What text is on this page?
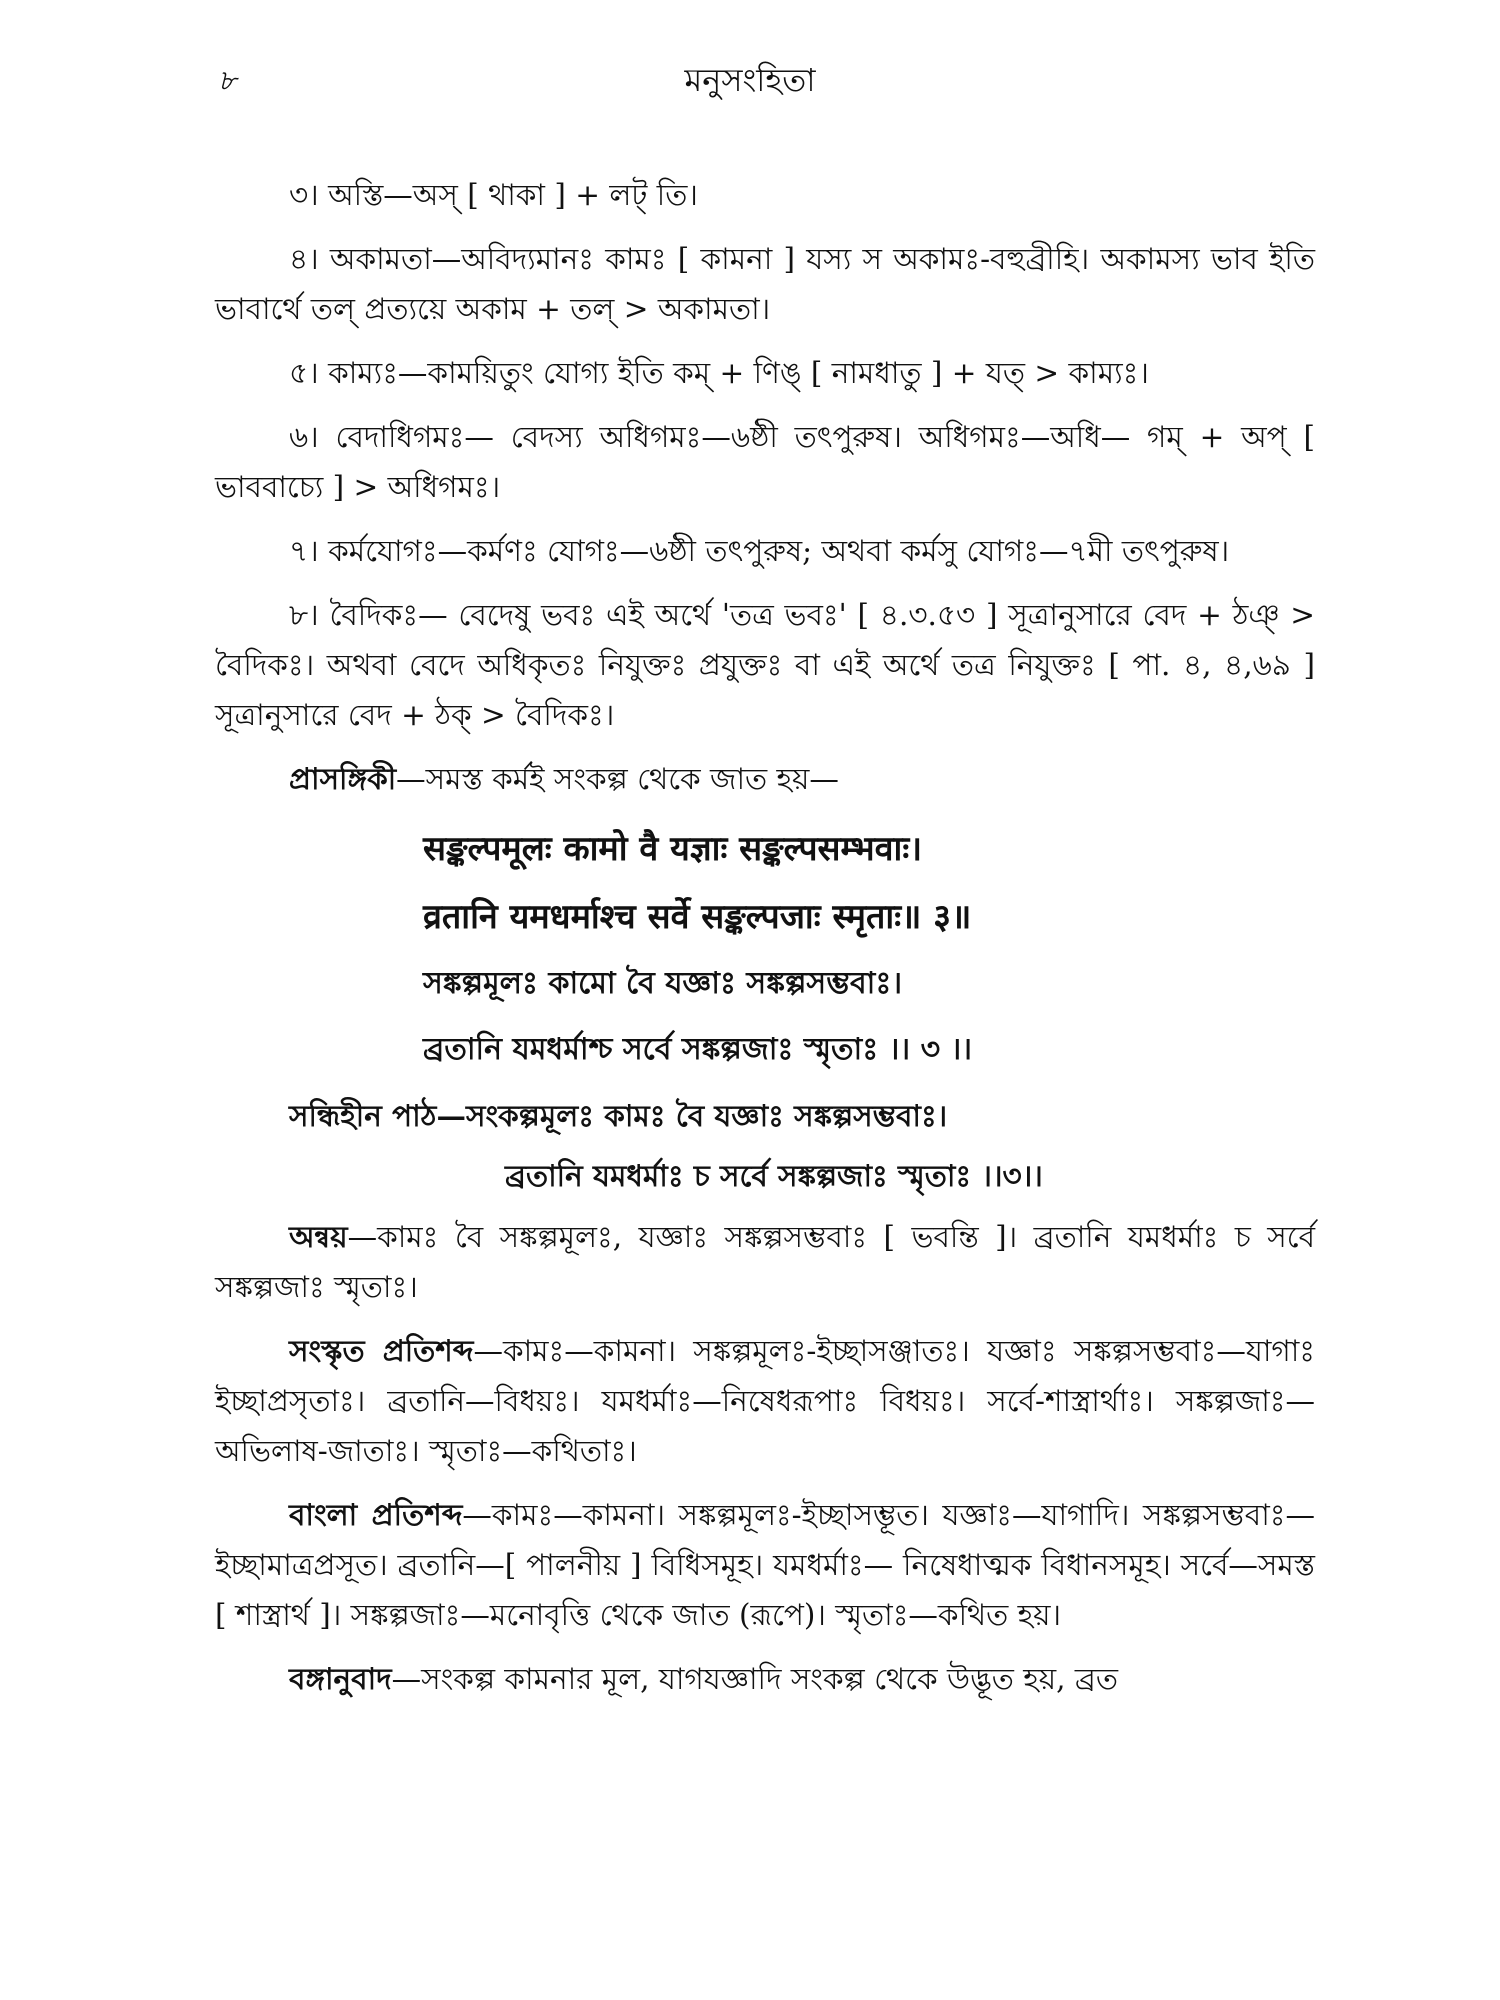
৮	মনুসংহিতা

৩। অস্তি—অস্ [ থাকা ] + লট্ তি।

৪। অকামতা—অবিদ্যমানঃ কামঃ [ কামনা ] যস্য স অকামঃ-বহুব্রীহি। অকামস্য ভাব ইতি ভাবার্থে তল্ প্রত্যয়ে অকাম + তল্ > অকামতা।

৫। কাম্যঃ—কাময়িতুং যোগ্য ইতি কম্ + ণিঙ্ [ নামধাতু ] + যত্ > কাম্যঃ।

৬। বেদাধিগমঃ— বেদস্য অধিগমঃ—৬ষ্ঠী তৎপুরুষ। অধিগমঃ—অধি— গম্ + অপ্ [ ভাববাচ্যে ] > অধিগমঃ।

৭। কর্মযোগঃ—কর্মণঃ যোগঃ—৬ষ্ঠী তৎপুরুষ; অথবা কর্মসু যোগঃ—৭মী তৎপুরুষ।

৮। বৈদিকঃ— বেদেষু ভবঃ এই অর্থে 'তত্র ভবঃ' [ ৪.৩.৫৩ ] সূত্রানুসারে বেদ + ঠঞ্ > বৈদিকঃ। অথবা বেদে অধিকৃতঃ নিযুক্তঃ প্রযুক্তঃ বা এই অর্থে তত্র নিযুক্তঃ [ পা. ৪, ৪,৬৯ ] সূত্রানুসারে বেদ + ঠক্ > বৈদিকঃ।

প্রাসঙ্গিকী—সমস্ত কর্মই সংকল্প থেকে জাত হয়—

सङ्कल्पमूलः कामो वै यज्ञाः सङ्कल्पसम्भवाः।
व्रतानि यमधर्माश्च सर्वे सङ्कल्पजाः स्मृताः॥ ३॥
সঙ্কল্পমূলঃ কামো বৈ যজ্ঞাঃ সঙ্কল্পসম্ভবাঃ।
ব্রতানি যমধর্মাশ্চ সর্বে সঙ্কল্পজাঃ স্মৃতাঃ ।। ৩ ।।
সন্ধিহীন পাঠ—সংকল্পমূলঃ কামঃ বৈ যজ্ঞাঃ সঙ্কল্পসম্ভবাঃ।
ব্রতানি যমধর্মাঃ চ সর্বে সঙ্কল্পজাঃ স্মৃতাঃ ।।৩।।

অন্বয়—কামঃ বৈ সঙ্কল্পমূলঃ, যজ্ঞাঃ সঙ্কল্পসম্ভবাঃ [ ভবন্তি ]। ব্রতানি যমধর্মাঃ চ সর্বে সঙ্কল্পজাঃ স্মৃতাঃ।

সংস্কৃত প্রতিশব্দ—কামঃ—কামনা। সঙ্কল্পমূলঃ-ইচ্ছাসঞ্জাতঃ। যজ্ঞাঃ সঙ্কল্পসম্ভবাঃ—যাগাঃ ইচ্ছাপ্রসৃতাঃ। ব্রতানি—বিধয়ঃ। যমধর্মাঃ—নিষেধরূপাঃ বিধয়ঃ। সর্বে-শাস্ত্রার্থাঃ। সঙ্কল্পজাঃ—অভিলাষ-জাতাঃ। স্মৃতাঃ—কথিতাঃ।

বাংলা প্রতিশব্দ—কামঃ—কামনা। সঙ্কল্পমূলঃ-ইচ্ছাসম্ভূত। যজ্ঞাঃ—যাগাদি। সঙ্কল্পসম্ভবাঃ—ইচ্ছামাত্রপ্রসূত। ব্রতানি—[ পালনীয় ] বিধিসমূহ। যমধর্মাঃ— নিষেধাত্মক বিধানসমূহ। সর্বে—সমস্ত [ শাস্ত্রার্থ ]। সঙ্কল্পজাঃ—মনোবৃত্তি থেকে জাত (রূপে)। স্মৃতাঃ—কথিত হয়।

বঙ্গানুবাদ—সংকল্প কামনার মূল, যাগযজ্ঞাদি সংকল্প থেকে উদ্ভূত হয়, ব্রত
